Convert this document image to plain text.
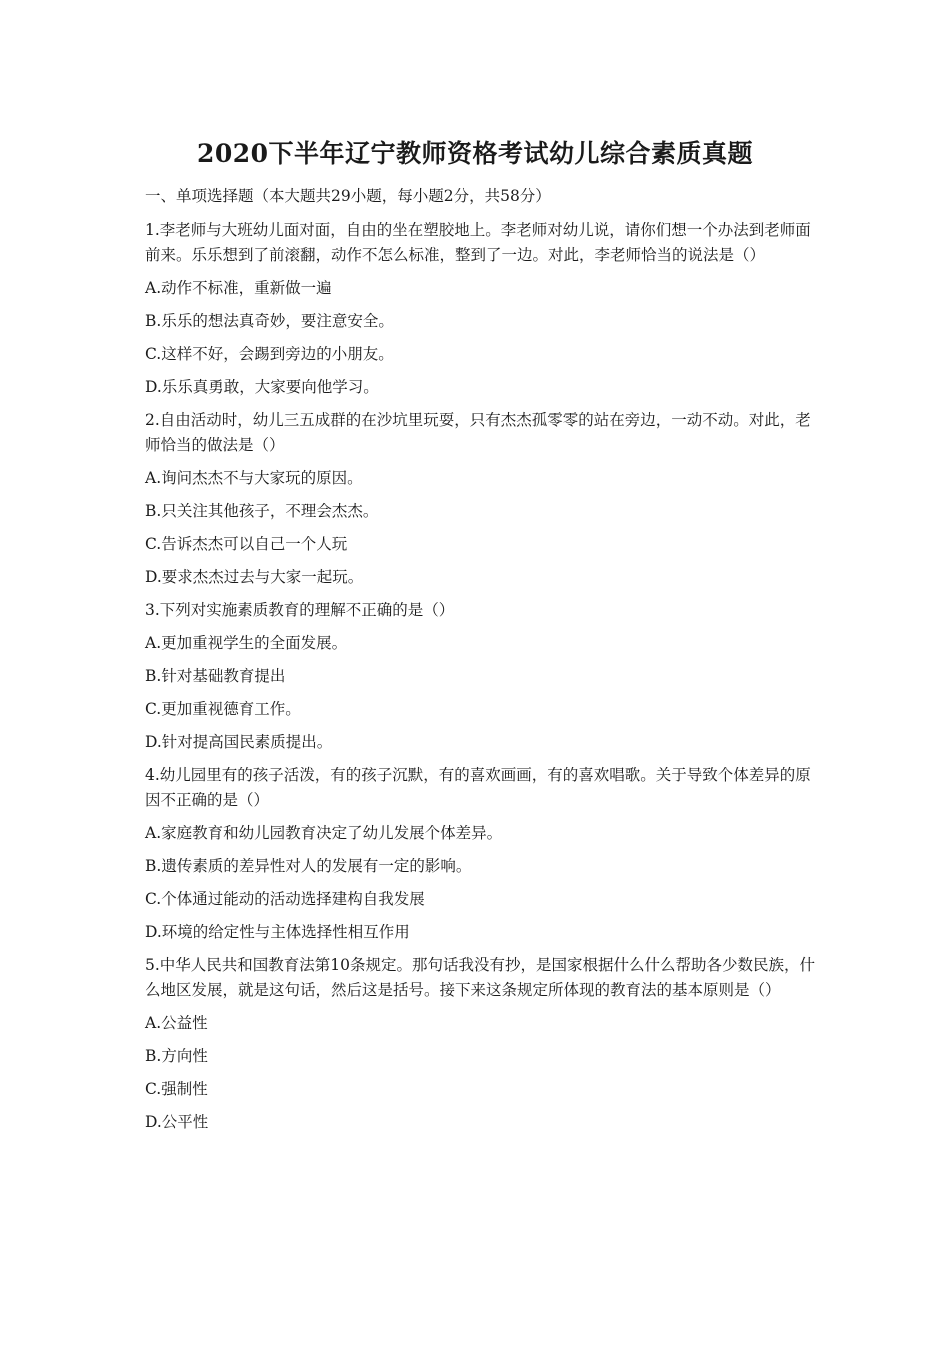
2020下半年辽宁教师资格考试幼儿综合素质真题
一、单项选择题（本大题共29小题，每小题2分，共58分）
1.李老师与大班幼儿面对面，自由的坐在塑胶地上。李老师对幼儿说，请你们想一个办法到老师面前来。乐乐想到了前滚翻，动作不怎么标准，整到了一边。对此，李老师恰当的说法是（）
A.动作不标准，重新做一遍
B.乐乐的想法真奇妙，要注意安全。
C.这样不好，会踢到旁边的小朋友。
D.乐乐真勇敢，大家要向他学习。
2.自由活动时，幼儿三五成群的在沙坑里玩耍，只有杰杰孤零零的站在旁边，一动不动。对此，老师恰当的做法是（）
A.询问杰杰不与大家玩的原因。
B.只关注其他孩子，不理会杰杰。
C.告诉杰杰可以自己一个人玩
D.要求杰杰过去与大家一起玩。
3.下列对实施素质教育的理解不正确的是（）
A.更加重视学生的全面发展。
B.针对基础教育提出
C.更加重视德育工作。
D.针对提高国民素质提出。
4.幼儿园里有的孩子活泼，有的孩子沉默，有的喜欢画画，有的喜欢唱歌。关于导致个体差异的原因不正确的是（）
A.家庭教育和幼儿园教育决定了幼儿发展个体差异。
B.遗传素质的差异性对人的发展有一定的影响。
C.个体通过能动的活动选择建构自我发展
D.环境的给定性与主体选择性相互作用
5.中华人民共和国教育法第10条规定。那句话我没有抄，是国家根据什么什么帮助各少数民族，什么地区发展，就是这句话，然后这是括号。接下来这条规定所体现的教育法的基本原则是（）
A.公益性
B.方向性
C.强制性
D.公平性
